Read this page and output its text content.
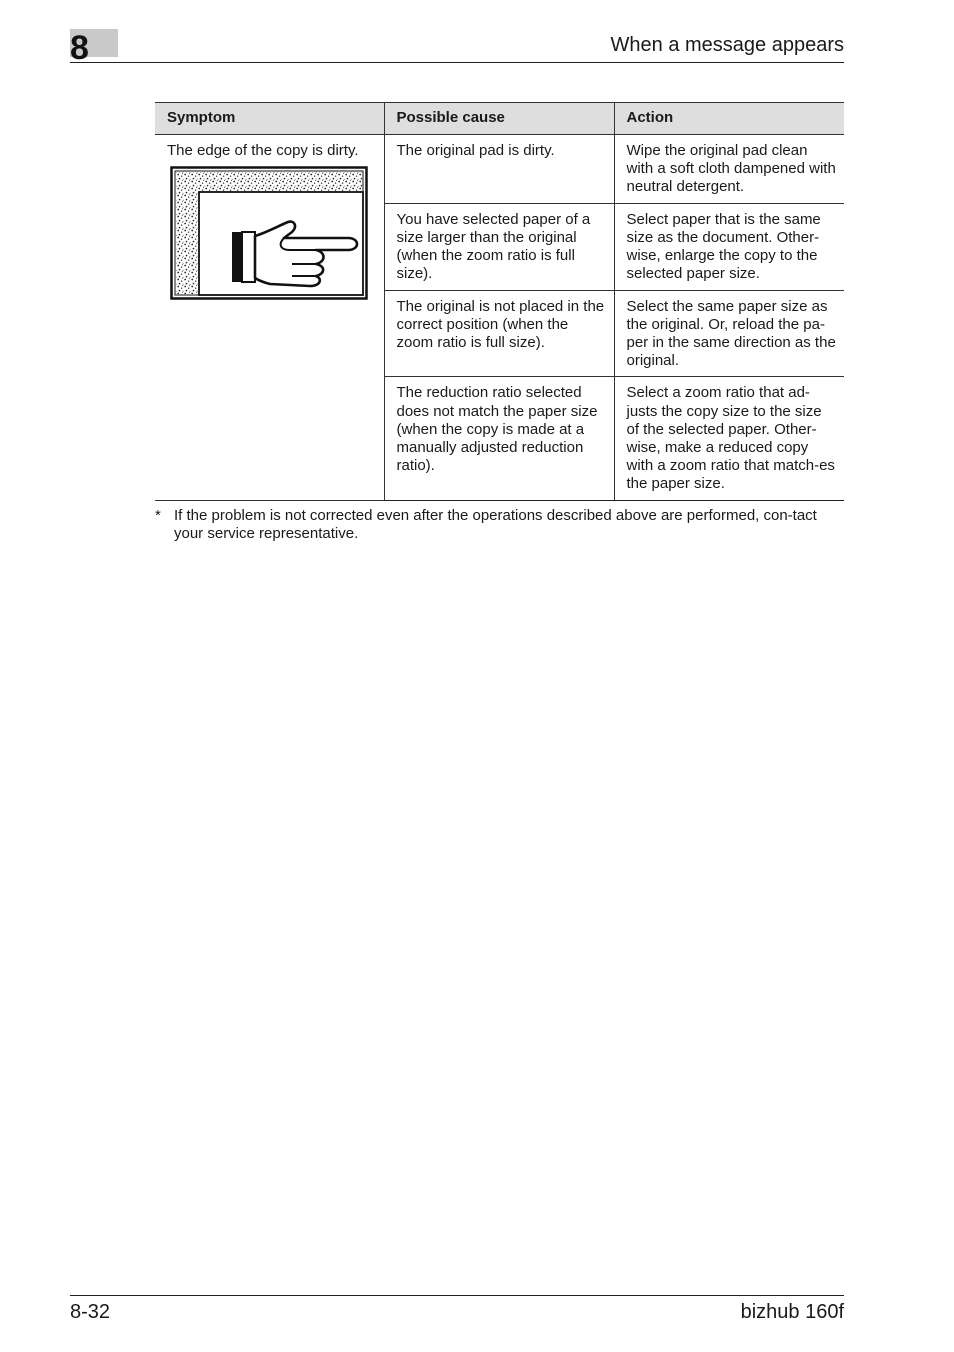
8	When a message appears
Symptom	Possible cause	Action
The edge of the copy is dirty.	The original pad is dirty.	Wipe the original pad clean with a soft cloth dampened with neutral detergent.
	You have selected paper of a size larger than the original (when the zoom ratio is full size).	Select paper that is the same size as the document. Other-wise, enlarge the copy to the selected paper size.
	The original is not placed in the correct position (when the zoom ratio is full size).	Select the same paper size as the original. Or, reload the pa-per in the same direction as the original.
	The reduction ratio selected does not match the paper size (when the copy is made at a manually adjusted reduction ratio).	Select a zoom ratio that ad-justs the copy size to the size of the selected paper. Other-wise, make a reduced copy with a zoom ratio that match-es the paper size.
* If the problem is not corrected even after the operations described above are performed, con-tact your service representative.
8-32	bizhub 160f
